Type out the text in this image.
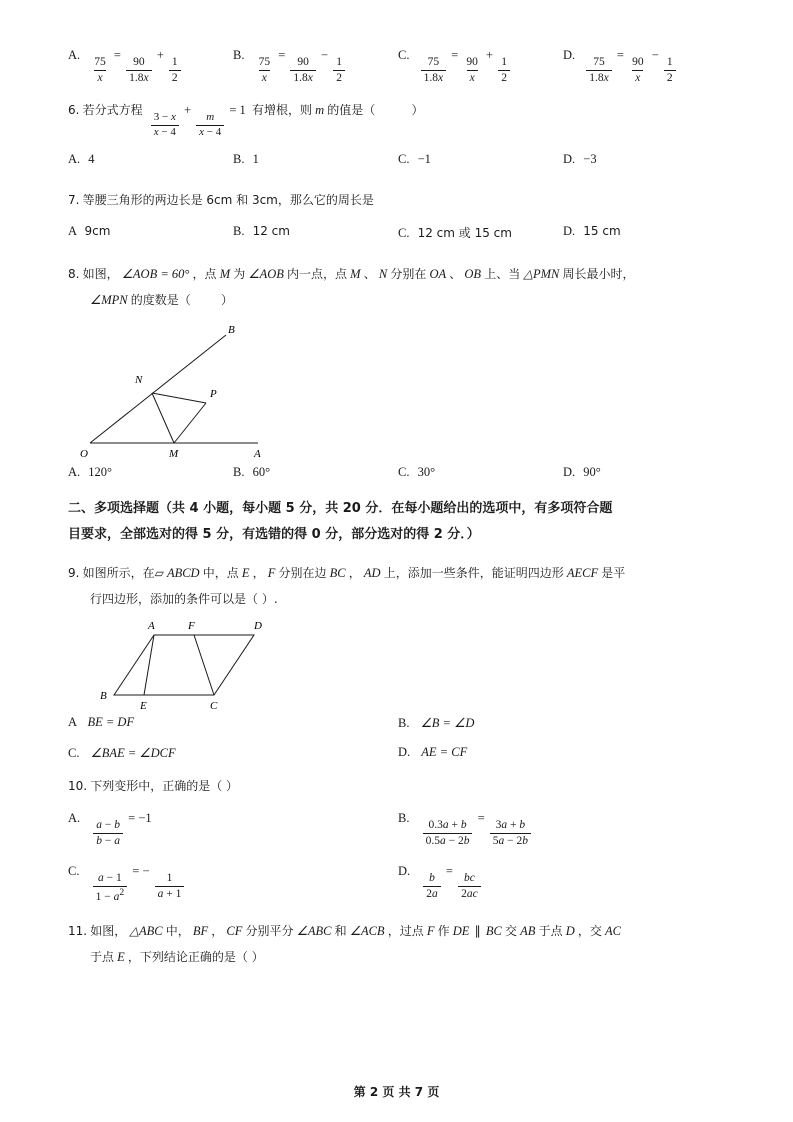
A.
$\frac{75}{x}$
=
$\frac{90}{1.8x}$
+
$\frac{1}{2}$
B.
$\frac{75}{x}$
=
$\frac{90}{1.8x}$
−
$\frac{1}{2}$
C.
$\frac{75}{1.8x}$
=
$\frac{90}{x}$
+
$\frac{1}{2}$
D.
$\frac{75}{1.8x}$
=
$\frac{90}{x}$
−
$\frac{1}{2}$
6. 若分式方程
$\frac{3 - x}{x - 4}$
+
$\frac{m}{x - 4}$
= 1 有增根，则 m 的值是（	）
A. 4	B. 1	C. −1	D. −3
7. 等腰三角形的两边长是 6cm 和 3cm，那么它的周长是
A 9cm	B. 12 cm	C. 12 cm 或 15 cm	D. 15 cm
8. 如图， ∠AOB = 60° ，点 M 为 ∠AOB 内一点，点 M 、 N 分别在 OA 、 OB 上、当 △PMN 周长最小时，
∠MPN 的度数是（	）
B
N
P
O	M	A
A. 120°	B. 60°	C. 30°	D. 90°
二、多项选择题（共 4 小题，每小题 5 分，共 20 分．在每小题给出的选项中，有多项符合题
目要求，全部选对的得 5 分，有选错的得 0 分，部分选对的得 2 分．）
9. 如图所示，在▱ ABCD 中，点 E ， F 分别在边 BC ， AD 上，添加一些条件，能证明四边形 AECF 是平
行四边形，添加的条件可以是（ ）.
A	F	D
B
E	C
A BE = DF	B. ∠B = ∠D
C. ∠BAE = ∠DCF	D. AE = CF
10. 下列变形中，正确的是（ ）
A.
$\frac{a - b}{b - a}$
= −1	B.
$\frac{0.3a + b}{0.5a - 2b}$
=
$\frac{3a + b}{5a - 2b}$
C.
$\frac{a - 1}{1 - a^2}$
= −
$\frac{1}{a + 1}$
D.
$\frac{b}{2a}$
=
$\frac{bc}{2ac}$
11. 如图， △ABC 中， BF ， CF 分别平分 ∠ABC 和 ∠ACB ，过点 F 作 DE ∥ BC 交 AB 于点 D ，交 AC
于点 E ，下列结论正确的是（ ）
第 2 页 共 7 页
